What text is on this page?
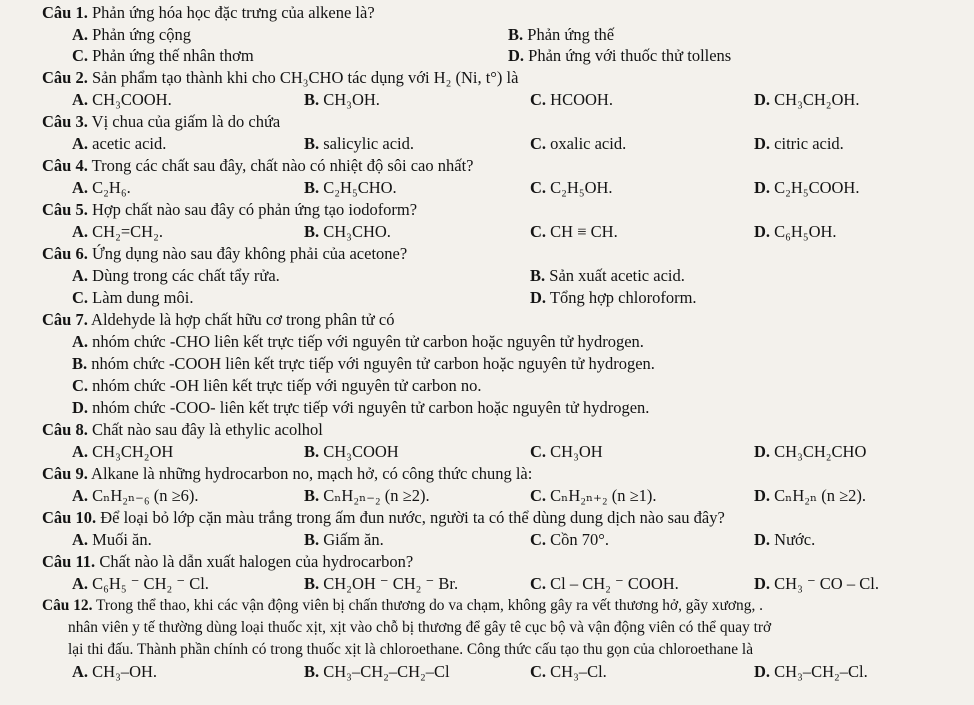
Câu 1. Phản ứng hóa học đặc trưng của alkene là?
A. Phản ứng cộng	B. Phản ứng thế
C. Phản ứng thế nhân thơm	D. Phản ứng với thuốc thử tollens
Câu 2. Sản phẩm tạo thành khi cho CH₃CHO tác dụng với H₂ (Ni, t°) là
A. CH₃COOH.	B. CH₃OH.	C. HCOOH.	D. CH₃CH₂OH.
Câu 3. Vị chua của giấm là do chứa
A. acetic acid.	B. salicylic acid.	C. oxalic acid.	D. citric acid.
Câu 4. Trong các chất sau đây, chất nào có nhiệt độ sôi cao nhất?
A. C₂H₆.	B. C₂H₅CHO.	C. C₂H₅OH.	D. C₂H₅COOH.
Câu 5. Hợp chất nào sau đây có phản ứng tạo iodoform?
A. CH₂=CH₂.	B. CH₃CHO.	C. CH ≡ CH.	D. C₆H₅OH.
Câu 6. Ứng dụng nào sau đây không phải của acetone?
A. Dùng trong các chất tẩy rửa.	B. Sản xuất acetic acid.
C. Làm dung môi.	D. Tổng hợp chloroform.
Câu 7. Aldehyde là hợp chất hữu cơ trong phân tử có
A. nhóm chức -CHO liên kết trực tiếp với nguyên tử carbon hoặc nguyên tử hydrogen.
B. nhóm chức -COOH liên kết trực tiếp với nguyên tử carbon hoặc nguyên tử hydrogen.
C. nhóm chức -OH liên kết trực tiếp với nguyên tử carbon no.
D. nhóm chức -COO- liên kết trực tiếp với nguyên tử carbon hoặc nguyên tử hydrogen.
Câu 8. Chất nào sau đây là ethylic acolhol
A. CH₃CH₂OH	B. CH₃COOH	C. CH₃OH	D. CH₃CH₂CHO
Câu 9. Alkane là những hydrocarbon no, mạch hở, có công thức chung là:
A. CₙH₂ₙ₋₆ (n ≥6).	B. CₙH₂ₙ₋₂ (n ≥2).	C. CₙH₂ₙ₊₂ (n ≥1).	D. CₙH₂ₙ (n ≥2).
Câu 10. Để loại bỏ lớp cặn màu trắng trong ấm đun nước, người ta có thể dùng dung dịch nào sau đây?
A. Muối ăn.	B. Giấm ăn.	C. Cồn 70°.	D. Nước.
Câu 11. Chất nào là dẫn xuất halogen của hydrocarbon?
A. C₆H₅ ⁻ CH₂ ⁻ Cl.	B. CH₂OH ⁻ CH₂ ⁻ Br.	C. Cl – CH₂ ⁻ COOH.	D. CH₃ ⁻ CO – Cl.
Câu 12. Trong thể thao, khi các vận động viên bị chấn thương do va chạm, không gây ra vết thương hở, gãy xương, .
nhân viên y tế thường dùng loại thuốc xịt, xịt vào chỗ bị thương để gây tê cục bộ và vận động viên có thể quay trở
lại thi đấu. Thành phần chính có trong thuốc xịt là chloroethane. Công thức cấu tạo thu gọn của chloroethane là
A. CH₃–OH.	B. CH₃–CH₂–CH₂–Cl	C. CH₃–Cl.	D. CH₃–CH₂–Cl.
